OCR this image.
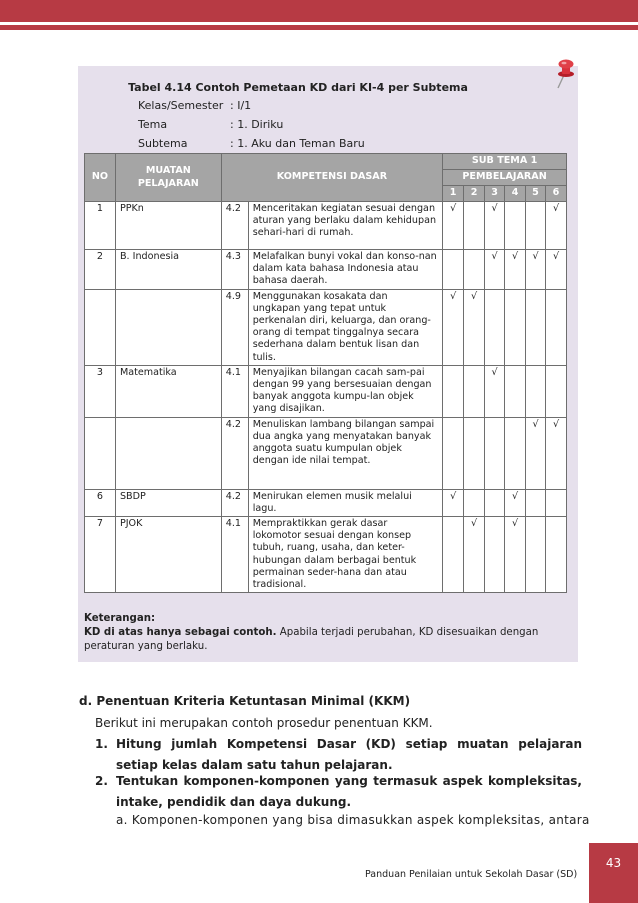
Tabel 4.14 Contoh Pemetaan KD dari KI-4 per Subtema
Kelas/Semester : I/1
Tema	: 1. Diriku
Subtema	: 1. Aku dan Teman Baru
NO	MUATAN PELAJARAN	KOMPETENSI DASAR		SUB TEMA 1					
				PEMBELAJARAN					
				1	2	3	4	5	6
1	PPKn	4.2	Menceritakan kegiatan sesuai dengan aturan yang berlaku dalam kehidupan sehari-hari di rumah.	√		√			√
2	B. Indonesia	4.3	Melafalkan bunyi vokal dan konso-nan dalam kata bahasa Indonesia atau bahasa daerah.			√	√	√	√
		4.9	Menggunakan kosakata dan ungkapan yang tepat untuk perkenalan diri, keluarga, dan orang-orang di tempat tinggalnya secara sederhana dalam bentuk lisan dan tulis.	√	√				
3	Matematika	4.1	Menyajikan bilangan cacah sam-pai dengan 99 yang bersesuaian dengan banyak anggota kumpu-lan objek yang disajikan.			√			
		4.2	Menuliskan lambang bilangan sampai dua angka yang menyatakan banyak anggota suatu kumpulan objek dengan ide nilai tempat.					√	√
6	SBDP	4.2	Menirukan elemen musik melalui lagu.	√			√		
7	PJOK	4.1	Mempraktikkan gerak dasar lokomotor sesuai dengan konsep tubuh, ruang, usaha, dan keter-hubungan dalam berbagai bentuk permainan seder-hana dan atau tradisional.		√		√		
Keterangan:
KD di atas hanya sebagai contoh. Apabila terjadi perubahan, KD disesuaikan dengan peraturan yang berlaku.
d. Penentuan Kriteria Ketuntasan Minimal (KKM)
Berikut ini merupakan contoh prosedur penentuan KKM.
1. Hitung jumlah Kompetensi Dasar (KD) setiap muatan pelajaran setiap kelas dalam satu tahun pelajaran.
2. Tentukan komponen-komponen yang termasuk aspek kompleksitas, intake, pendidik dan daya dukung.
a. Komponen-komponen yang bisa dimasukkan aspek kompleksitas, antara
Panduan Penilaian untuk Sekolah Dasar (SD)
43
